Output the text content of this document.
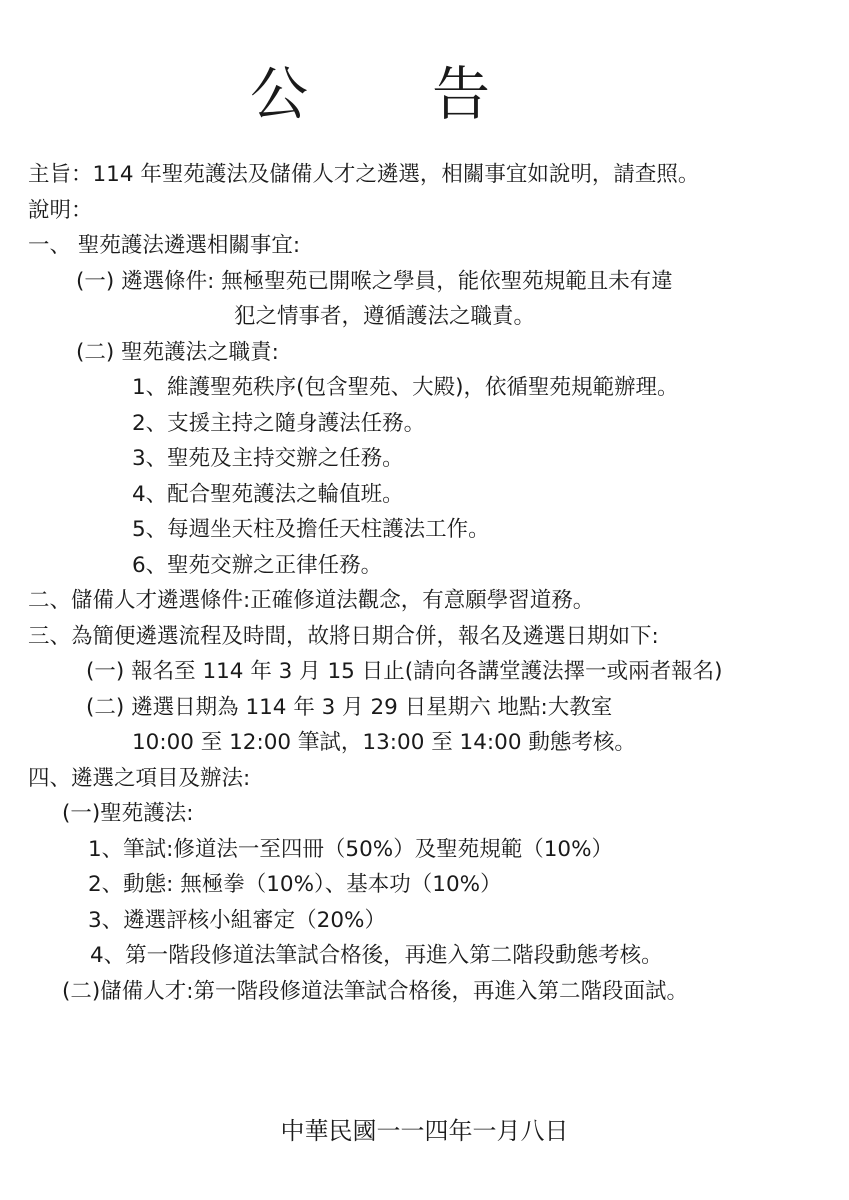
公 告
主旨：114 年聖苑護法及儲備人才之遴選，相關事宜如說明，請查照。
說明：
一、 聖苑護法遴選相關事宜:
(一) 遴選條件: 無極聖苑已開喉之學員，能依聖苑規範且未有違
犯之情事者，遵循護法之職責。
(二) 聖苑護法之職責:
1、維護聖苑秩序(包含聖苑、大殿)，依循聖苑規範辦理。
2、支援主持之隨身護法任務。
3、聖苑及主持交辦之任務。
4、配合聖苑護法之輪值班。
5、每週坐天柱及擔任天柱護法工作。
6、聖苑交辦之正律任務。
二、儲備人才遴選條件:正確修道法觀念，有意願學習道務。
三、為簡便遴選流程及時間，故將日期合併，報名及遴選日期如下:
(一) 報名至 114 年 3 月 15 日止(請向各講堂護法擇一或兩者報名)
(二) 遴選日期為 114 年 3 月 29 日星期六 地點:大教室
10:00 至 12:00 筆試，13:00 至 14:00 動態考核。
四、遴選之項目及辦法:
(一)聖苑護法:
1、筆試:修道法一至四冊（50%）及聖苑規範（10%）
2、動態: 無極拳（10%）、基本功（10%）
3、遴選評核小組審定（20%）
4、第一階段修道法筆試合格後，再進入第二階段動態考核。
(二)儲備人才:第一階段修道法筆試合格後，再進入第二階段面試。
中華民國一一四年一月八日
